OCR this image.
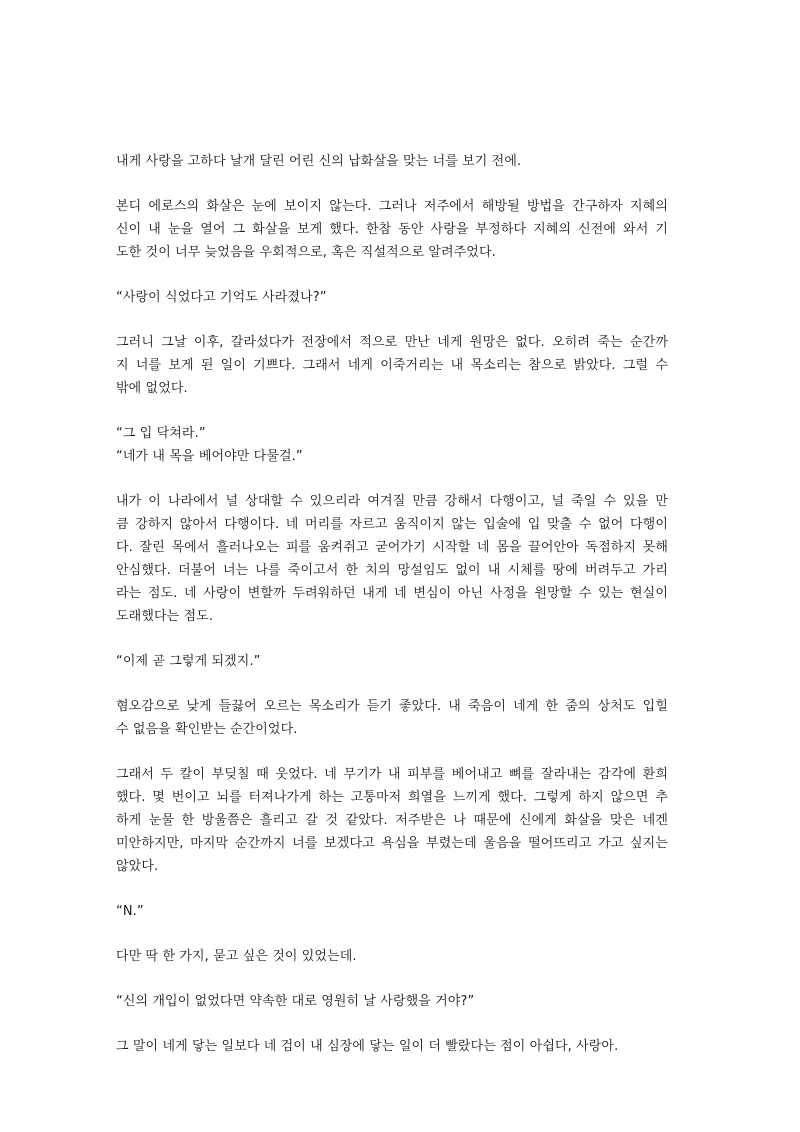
내게 사랑을 고하다 날개 달린 어린 신의 납화살을 맞는 너를 보기 전에.
본디 에로스의 화살은 눈에 보이지 않는다. 그러나 저주에서 해방될 방법을 간구하자 지혜의
신이 내 눈을 열어 그 화살을 보게 했다. 한참 동안 사랑을 부정하다 지혜의 신전에 와서 기
도한 것이 너무 늦었음을 우회적으로, 혹은 직설적으로 알려주었다.
“사랑이 식었다고 기억도 사라졌나?”
그러니 그날 이후, 갈라섰다가 전장에서 적으로 만난 네게 원망은 없다. 오히려 죽는 순간까
지 너를 보게 된 일이 기쁘다. 그래서 네게 이죽거리는 내 목소리는 참으로 밝았다. 그럴 수
밖에 없었다.
“그 입 닥쳐라.”
“네가 내 목을 베어야만 다물걸.”
내가 이 나라에서 널 상대할 수 있으리라 여겨질 만큼 강해서 다행이고, 널 죽일 수 있을 만
큼 강하지 않아서 다행이다. 네 머리를 자르고 움직이지 않는 입술에 입 맞출 수 없어 다행이
다. 잘린 목에서 흘러나오는 피를 움켜쥐고 굳어가기 시작할 네 몸을 끌어안아 독점하지 못해
안심했다. 더불어 너는 나를 죽이고서 한 치의 망설임도 없이 내 시체를 땅에 버려두고 가리
라는 점도. 네 사랑이 변할까 두려워하던 내게 네 변심이 아닌 사정을 원망할 수 있는 현실이
도래했다는 점도.
“이제 곧 그렇게 되겠지.”
혐오감으로 낮게 들끓어 오르는 목소리가 듣기 좋았다. 내 죽음이 네게 한 줌의 상처도 입힐
수 없음을 확인받는 순간이었다.
그래서 두 칼이 부딪칠 때 웃었다. 네 무기가 내 피부를 베어내고 뼈를 잘라내는 감각에 환희
했다. 몇 번이고 뇌를 터져나가게 하는 고통마저 희열을 느끼게 했다. 그렇게 하지 않으면 추
하게 눈물 한 방울쯤은 흘리고 갈 것 같았다. 저주받은 나 때문에 신에게 화살을 맞은 네겐
미안하지만, 마지막 순간까지 너를 보겠다고 욕심을 부렸는데 울음을 떨어뜨리고 가고 싶지는
않았다.
“N.”
다만 딱 한 가지, 묻고 싶은 것이 있었는데.
“신의 개입이 없었다면 약속한 대로 영원히 날 사랑했을 거야?”
그 말이 네게 닿는 일보다 네 검이 내 심장에 닿는 일이 더 빨랐다는 점이 아쉽다, 사랑아.
